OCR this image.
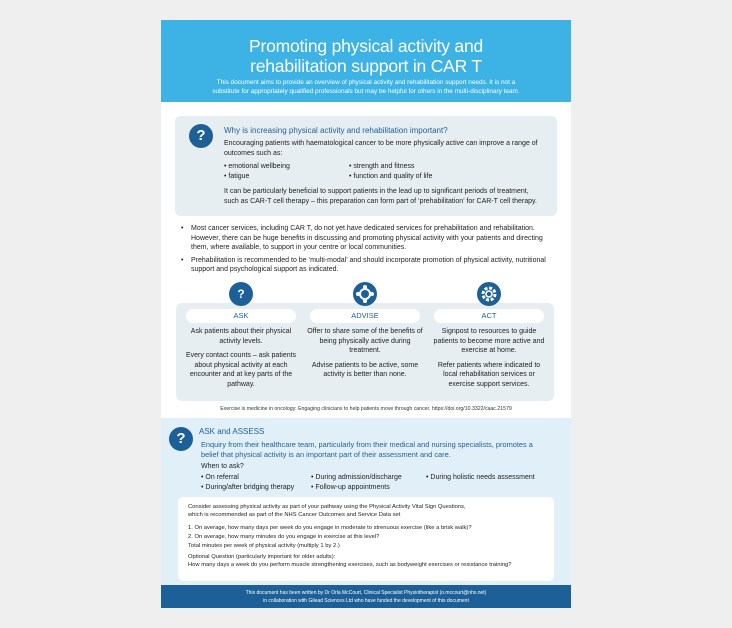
Promoting physical activity and
rehabilitation support in CAR T
This document aims to provide an overview of physical activity and rehabilitation support needs. It is not a
substitute for appropriately qualified professionals but may be helpful for others in the multi-disciplinary team.
?	Why is increasing physical activity and rehabilitation important?
Encouraging patients with haematological cancer to be more physically active can improve a range of outcomes such as:
• emotional wellbeing
• fatigue
• strength and fitness
• function and quality of life
It can be particularly beneficial to support patients in the lead up to significant periods of treatment, such as CAR-T cell therapy – this preparation can form part of ‘prehabilitation’ for CAR-T cell therapy.
• Most cancer services, including CAR T, do not yet have dedicated services for prehabilitation and rehabilitation. However, there can be huge benefits in discussing and promoting physical activity with your patients and directing them, where available, to support in your centre or local communities.
• Prehabilitation is recommended to be ‘multi-modal’ and should incorporate promotion of physical activity, nutritional support and psychological support as indicated.
?
ASK

Ask patients about their physical activity levels.

Every contact counts – ask patients about physical activity at each encounter and at key parts of the pathway.

ADVISE

Offer to share some of the benefits of being physically active during treatment.

Advise patients to be active, some activity is better than none.

ACT

Signpost to resources to guide patients to become more active and exercise at home.

Refer patients where indicated to local rehabilitation services or exercise support services.

Exercise is medicine in oncology: Engaging clinicians to help patients move through cancer. https://doi.org/10.3322/caac.21579
?	ASK and ASSESS
Enquiry from their healthcare team, particularly from their medical and nursing specialists, promotes a belief that physical activity is an important part of their assessment and care.
When to ask?
• On referral
• During/after bridging therapy
• During admission/discharge
• Follow-up appointments
• During holistic needs assessment
Consider assessing physical activity as part of your pathway using the Physical Activity Vital Sign Questions,
which is recommended as part of the NHS Cancer Outcomes and Service Data set
1. On average, how many days per week do you engage in moderate to strenuous exercise (like a brisk walk)?
2. On average, how many minutes do you engage in exercise at this level?
Total minutes per week of physical activity (multiply 1 by 2.)
Optional Question (particularly important for older adults):
How many days a week do you perform muscle strengthening exercises, such as bodyweight exercises or resistance training?
This document has been written by Dr Orla McCourt, Clinical Specialist Physiotherapist (o.mccourt@nhs.net)
in collaboration with Gilead Sciences Ltd who have funded the development of this document
